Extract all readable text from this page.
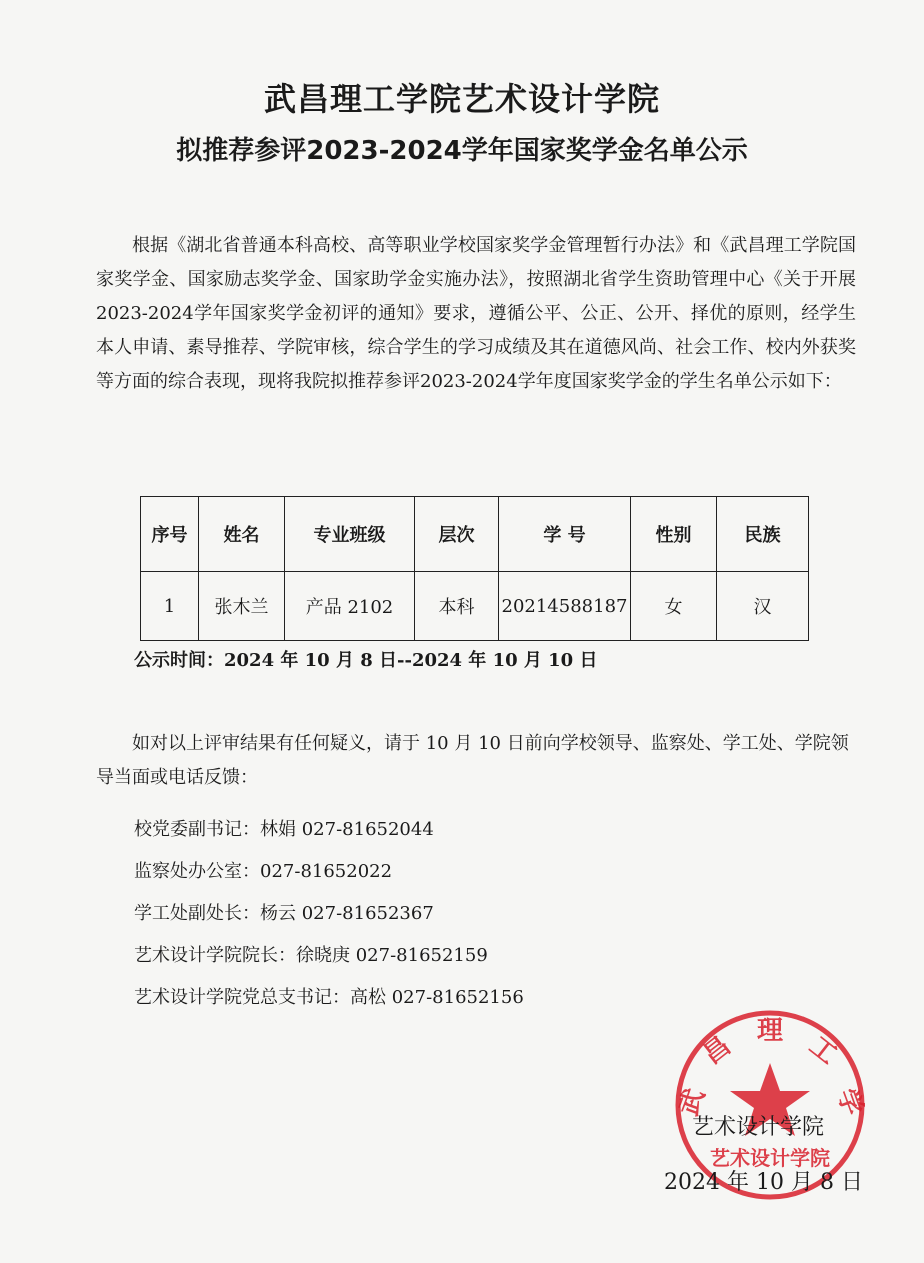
武昌理工学院艺术设计学院
拟推荐参评2023-2024学年国家奖学金名单公示
根据《湖北省普通本科高校、高等职业学校国家奖学金管理暂行办法》和《武昌理工学院国家奖学金、国家励志奖学金、国家助学金实施办法》，按照湖北省学生资助管理中心《关于开展2023-2024学年国家奖学金初评的通知》要求，遵循公平、公正、公开、择优的原则，经学生本人申请、素导推荐、学院审核，综合学生的学习成绩及其在道德风尚、社会工作、校内外获奖等方面的综合表现，现将我院拟推荐参评2023-2024学年度国家奖学金的学生名单公示如下：
序号	姓名	专业班级	层次	学 号	性别	民族
1	张木兰	产品 2102	本科	20214588187	女	汉
公示时间：2024 年 10 月 8 日--2024 年 10 月 10 日
如对以上评审结果有任何疑义，请于 10 月 10 日前向学校领导、监察处、学工处、学院领导当面或电话反馈：
校党委副书记：林娟 027-81652044
监察处办公室：027-81652022
学工处副处长：杨云 027-81652367
艺术设计学院院长：徐晓庚 027-81652159
艺术设计学院党总支书记：高松 027-81652156
武
昌 理 工
学
艺术设计学院
艺术设计学院
2024 年 10 月 8 日
